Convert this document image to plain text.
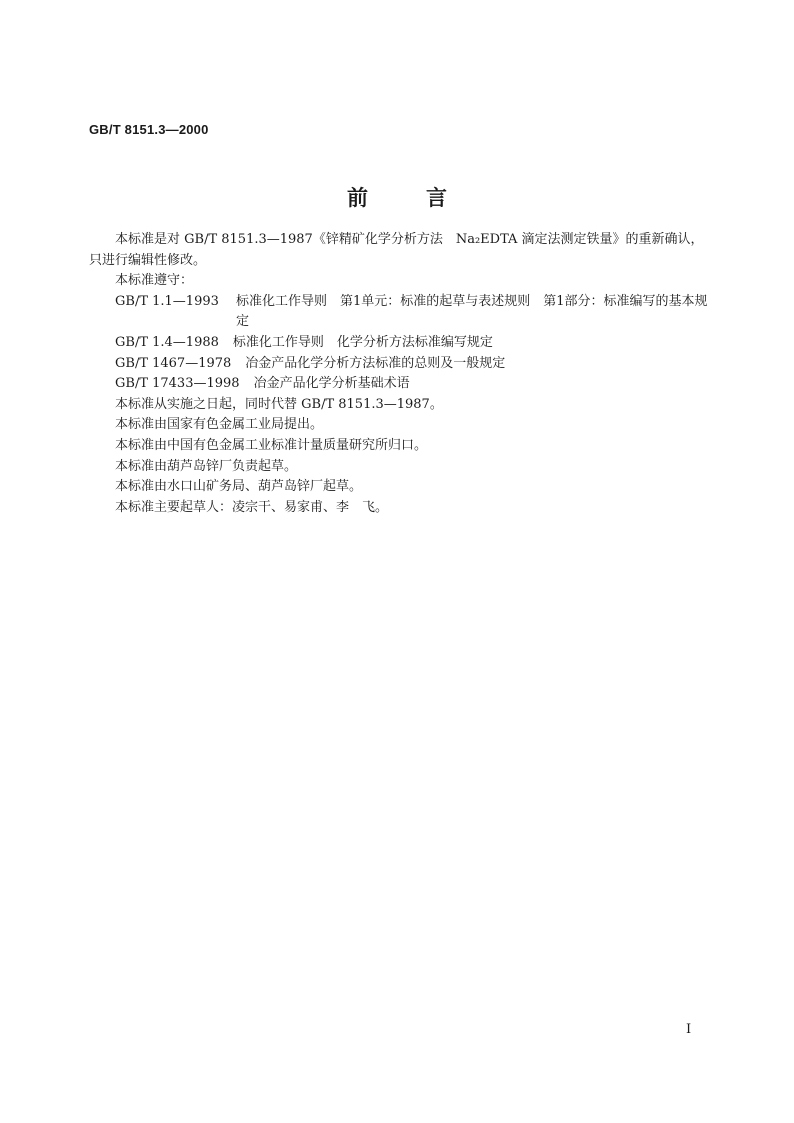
GB/T 8151.3—2000
前言

本标准是对 GB/T 8151.3—1987《锌精矿化学分析方法　Na₂EDTA 滴定法测定铁量》的重新确认，只进行编辑性修改。

本标准遵守：

GB/T 1.1—1993	标准化工作导则　第1单元：标准的起草与表述规则　第1部分：标准编写的基本规定
GB/T 1.4—1988	标准化工作导则　化学分析方法标准编写规定
GB/T 1467—1978	冶金产品化学分析方法标准的总则及一般规定
GB/T 17433—1998	冶金产品化学分析基础术语

本标准从实施之日起，同时代替 GB/T 8151.3—1987。

本标准由国家有色金属工业局提出。

本标准由中国有色金属工业标准计量质量研究所归口。

本标准由葫芦岛锌厂负责起草。

本标准由水口山矿务局、葫芦岛锌厂起草。

本标准主要起草人：凌宗干、易家甫、李　飞。

I
